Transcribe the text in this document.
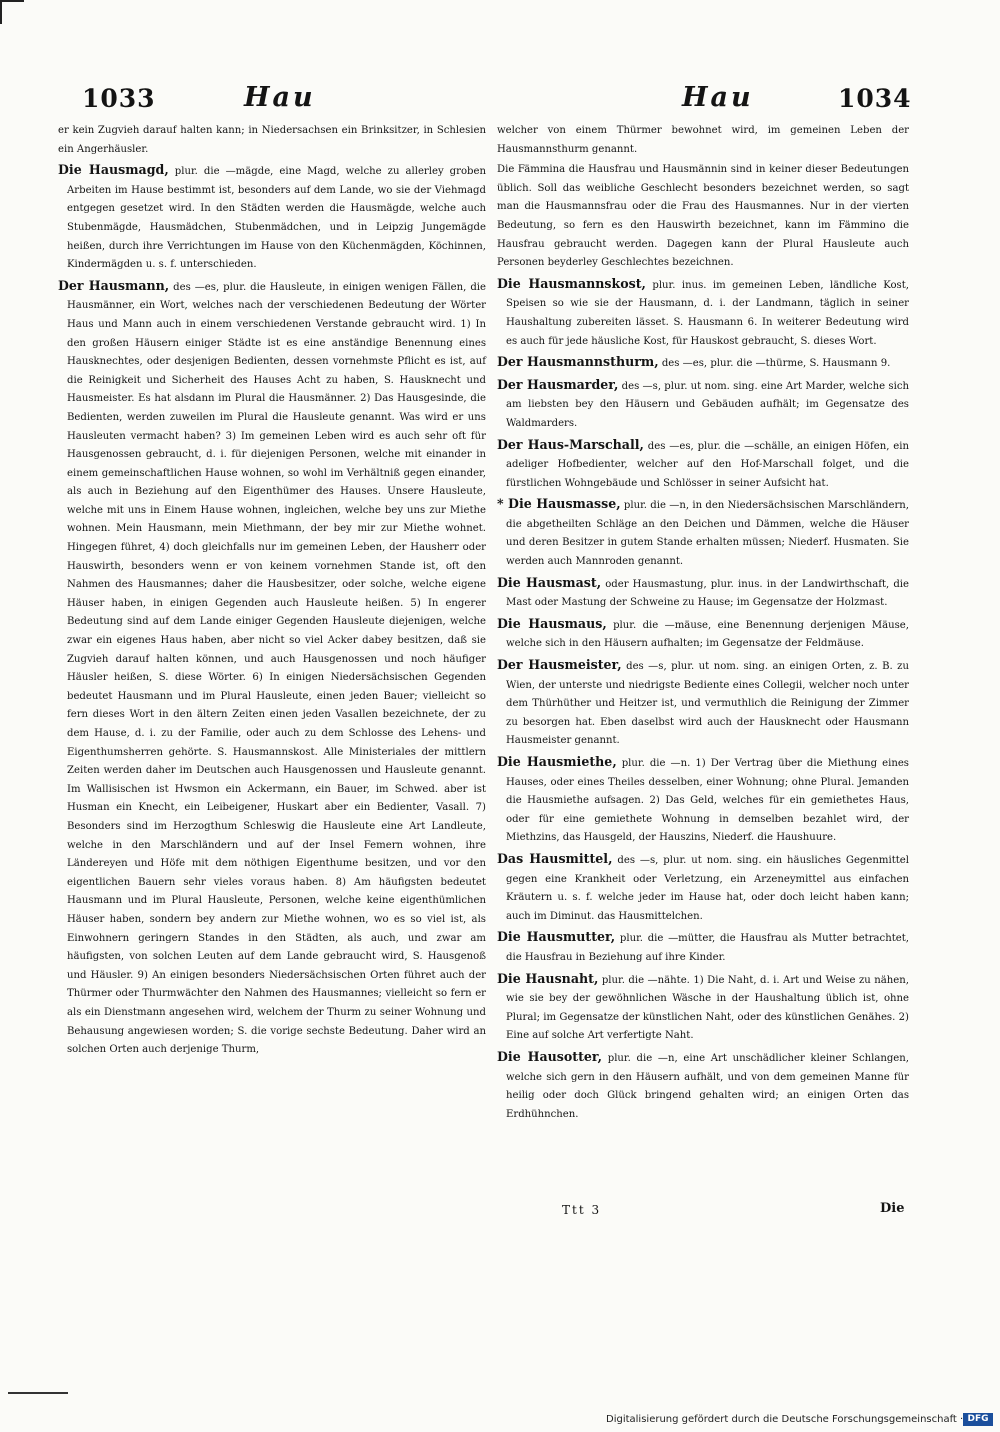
1033	Hau	Hau	1034

er kein Zugvieh darauf halten kann; in Niedersachsen ein Brinksitzer, in Schlesien ein Angerhäusler.

Die Hausmagd, plur. die —mägde, eine Magd, welche zu allerley groben Arbeiten im Hause bestimmt ist, besonders auf dem Lande, wo sie der Viehmagd entgegen gesetzet wird. In den Städten werden die Hausmägde, welche auch Stubenmägde, Hausmädchen, Stubenmädchen, und in Leipzig Jungemägde heißen, durch ihre Verrichtungen im Hause von den Küchenmägden, Köchinnen, Kindermägden u. s. f. unterschieden.

Der Hausmann, des —es, plur. die Hausleute, in einigen wenigen Fällen, die Hausmänner, ein Wort, welches nach der verschiedenen Bedeutung der Wörter Haus und Mann auch in einem verschiedenen Verstande gebraucht wird. 1) In den großen Häusern einiger Städte ist es eine anständige Benennung eines Hausknechtes, oder desjenigen Bedienten, dessen vornehmste Pflicht es ist, auf die Reinigkeit und Sicherheit des Hauses Acht zu haben, S. Hausknecht und Hausmeister. Es hat alsdann im Plural die Hausmänner. 2) Das Hausgesinde, die Bedienten, werden zuweilen im Plural die Hausleute genannt. Was wird er uns Hausleuten vermacht haben? 3) Im gemeinen Leben wird es auch sehr oft für Hausgenossen gebraucht, d. i. für diejenigen Personen, welche mit einander in einem gemeinschaftlichen Hause wohnen, so wohl im Verhältniß gegen einander, als auch in Beziehung auf den Eigenthümer des Hauses. Unsere Hausleute, welche mit uns in Einem Hause wohnen, ingleichen, welche bey uns zur Miethe wohnen. Mein Hausmann, mein Miethmann, der bey mir zur Miethe wohnet. Hingegen führet, 4) doch gleichfalls nur im gemeinen Leben, der Hausherr oder Hauswirth, besonders wenn er von keinem vornehmen Stande ist, oft den Nahmen des Hausmannes; daher die Hausbesitzer, oder solche, welche eigene Häuser haben, in einigen Gegenden auch Hausleute heißen. 5) In engerer Bedeutung sind auf dem Lande einiger Gegenden Hausleute diejenigen, welche zwar ein eigenes Haus haben, aber nicht so viel Acker dabey besitzen, daß sie Zugvieh darauf halten können, und auch Hausgenossen und noch häufiger Häusler heißen, S. diese Wörter. 6) In einigen Niedersächsischen Gegenden bedeutet Hausmann und im Plural Hausleute, einen jeden Bauer; vielleicht so fern dieses Wort in den ältern Zeiten einen jeden Vasallen bezeichnete, der zu dem Hause, d. i. zu der Familie, oder auch zu dem Schlosse des Lehens- und Eigenthumsherren gehörte. S. Hausmannskost. Alle Ministeriales der mittlern Zeiten werden daher im Deutschen auch Hausgenossen und Hausleute genannt. Im Wallisischen ist Hwsmon ein Ackermann, ein Bauer, im Schwed. aber ist Husman ein Knecht, ein Leibeigener, Huskart aber ein Bedienter, Vasall. 7) Besonders sind im Herzogthum Schleswig die Hausleute eine Art Landleute, welche in den Marschländern und auf der Insel Femern wohnen, ihre Ländereyen und Höfe mit dem nöthigen Eigenthume besitzen, und vor den eigentlichen Bauern sehr vieles voraus haben. 8) Am häufigsten bedeutet Hausmann und im Plural Hausleute, Personen, welche keine eigenthümlichen Häuser haben, sondern bey andern zur Miethe wohnen, wo es so viel ist, als Einwohnern geringern Standes in den Städten, als auch, und zwar am häufigsten, von solchen Leuten auf dem Lande gebraucht wird, S. Hausgenoß und Häusler. 9) An einigen besonders Niedersächsischen Orten führet auch der Thürmer oder Thurmwächter den Nahmen des Hausmannes; vielleicht so fern er als ein Dienstmann angesehen wird, welchem der Thurm zu seiner Wohnung und Behausung angewiesen worden; S. die vorige sechste Bedeutung. Daher wird an solchen Orten auch derjenige Thurm,

welcher von einem Thürmer bewohnet wird, im gemeinen Leben der Hausmannsthurm genannt.

Die Fämmina die Hausfrau und Hausmännin sind in keiner dieser Bedeutungen üblich. Soll das weibliche Geschlecht besonders bezeichnet werden, so sagt man die Hausmannsfrau oder die Frau des Hausmannes. Nur in der vierten Bedeutung, so fern es den Hauswirth bezeichnet, kann im Fämmino die Hausfrau gebraucht werden. Dagegen kann der Plural Hausleute auch Personen beyderley Geschlechtes bezeichnen.

Die Hausmannskost, plur. inus. im gemeinen Leben, ländliche Kost, Speisen so wie sie der Hausmann, d. i. der Landmann, täglich in seiner Haushaltung zubereiten lässet. S. Hausmann 6. In weiterer Bedeutung wird es auch für jede häusliche Kost, für Hauskost gebraucht, S. dieses Wort.

Der Hausmannsthurm, des —es, plur. die —thürme, S. Hausmann 9.

Der Hausmarder, des —s, plur. ut nom. sing. eine Art Marder, welche sich am liebsten bey den Häusern und Gebäuden aufhält; im Gegensatze des Waldmarders.

Der Haus-Marschall, des —es, plur. die —schälle, an einigen Höfen, ein adeliger Hofbedienter, welcher auf den Hof-Marschall folget, und die fürstlichen Wohngebäude und Schlösser in seiner Aufsicht hat.

* Die Hausmasse, plur. die —n, in den Niedersächsischen Marschländern, die abgetheilten Schläge an den Deichen und Dämmen, welche die Häuser und deren Besitzer in gutem Stande erhalten müssen; Niederf. Husmaten. Sie werden auch Mannroden genannt.

Die Hausmast, oder Hausmastung, plur. inus. in der Landwirthschaft, die Mast oder Mastung der Schweine zu Hause; im Gegensatze der Holzmast.

Die Hausmaus, plur. die —mäuse, eine Benennung derjenigen Mäuse, welche sich in den Häusern aufhalten; im Gegensatze der Feldmäuse.

Der Hausmeister, des —s, plur. ut nom. sing. an einigen Orten, z. B. zu Wien, der unterste und niedrigste Bediente eines Collegii, welcher noch unter dem Thürhüther und Heitzer ist, und vermuthlich die Reinigung der Zimmer zu besorgen hat. Eben daselbst wird auch der Hausknecht oder Hausmann Hausmeister genannt.

Die Hausmiethe, plur. die —n. 1) Der Vertrag über die Miethung eines Hauses, oder eines Theiles desselben, einer Wohnung; ohne Plural. Jemanden die Hausmiethe aufsagen. 2) Das Geld, welches für ein gemiethetes Haus, oder für eine gemiethete Wohnung in demselben bezahlet wird, der Miethzins, das Hausgeld, der Hauszins, Niederf. die Haushuure.

Das Hausmittel, des —s, plur. ut nom. sing. ein häusliches Gegenmittel gegen eine Krankheit oder Verletzung, ein Arzeneymittel aus einfachen Kräutern u. s. f. welche jeder im Hause hat, oder doch leicht haben kann; auch im Diminut. das Hausmittelchen.

Die Hausmutter, plur. die —mütter, die Hausfrau als Mutter betrachtet, die Hausfrau in Beziehung auf ihre Kinder.

Die Hausnaht, plur. die —nähte. 1) Die Naht, d. i. Art und Weise zu nähen, wie sie bey der gewöhnlichen Wäsche in der Haushaltung üblich ist, ohne Plural; im Gegensatze der künstlichen Naht, oder des künstlichen Genähes. 2) Eine auf solche Art verfertigte Naht.

Die Hausotter, plur. die —n, eine Art unschädlicher kleiner Schlangen, welche sich gern in den Häusern aufhält, und von dem gemeinen Manne für heilig oder doch Glück bringend gehalten wird; an einigen Orten das Erdhühnchen.

Ttt 3	Die
Digitalisierung gefördert durch die Deutsche Forschungsgemeinschaft · DFG
